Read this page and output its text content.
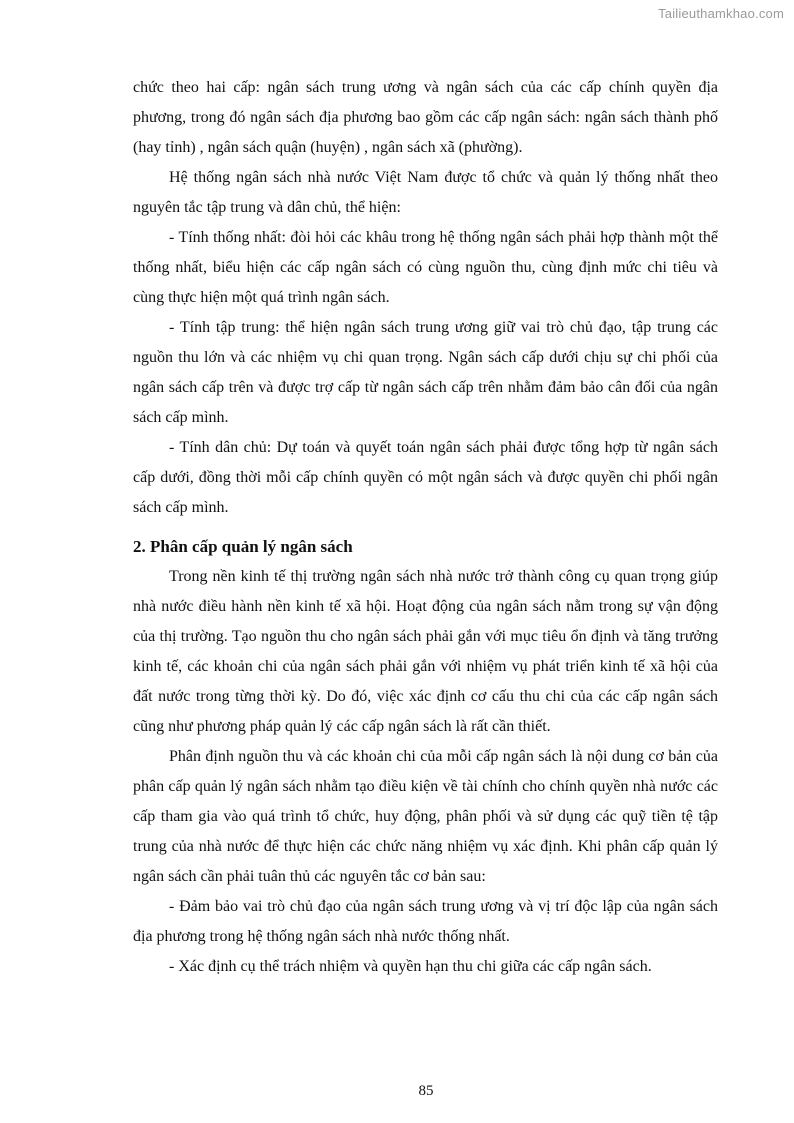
Tailieuthamkhao.com

chức theo hai cấp: ngân sách trung ương và ngân sách của các cấp chính quyền địa phương, trong đó ngân sách địa phương bao gồm các cấp ngân sách: ngân sách thành phố (hay tỉnh) , ngân sách quận (huyện) , ngân sách xã (phường).

Hệ thống ngân sách nhà nước Việt Nam được tổ chức và quản lý thống nhất theo nguyên tắc tập trung và dân chủ, thể hiện:

- Tính thống nhất: đòi hỏi các khâu trong hệ thống ngân sách phải hợp thành một thể thống nhất, biểu hiện các cấp ngân sách có cùng nguồn thu, cùng định mức chi tiêu và cùng thực hiện một quá trình ngân sách.

- Tính tập trung: thể hiện ngân sách trung ương giữ vai trò chủ đạo, tập trung các nguồn thu lớn và các nhiệm vụ chi quan trọng. Ngân sách cấp dưới chịu sự chi phối của ngân sách cấp trên và được trợ cấp từ ngân sách cấp trên nhằm đảm bảo cân đối của ngân sách cấp mình.

- Tính dân chủ: Dự toán và quyết toán ngân sách phải được tổng hợp từ ngân sách cấp dưới, đồng thời mỗi cấp chính quyền có một ngân sách và được quyền chi phối ngân sách cấp mình.

2. Phân cấp quản lý ngân sách

Trong nền kinh tế thị trường ngân sách nhà nước trở thành công cụ quan trọng giúp nhà nước điều hành nền kinh tế xã hội. Hoạt động của ngân sách nằm trong sự vận động của thị trường. Tạo nguồn thu cho ngân sách phải gắn với mục tiêu ổn định và tăng trưởng kinh tế, các khoản chi của ngân sách phải gắn với nhiệm vụ phát triển kinh tế xã hội của đất nước trong từng thời kỳ. Do đó, việc xác định cơ cấu thu chi của các cấp ngân sách cũng như phương pháp quản lý các cấp ngân sách là rất cần thiết.

Phân định nguồn thu và các khoản chi của mỗi cấp ngân sách là nội dung cơ bản của phân cấp quản lý ngân sách nhằm tạo điều kiện về tài chính cho chính quyền nhà nước các cấp tham gia vào quá trình tổ chức, huy động, phân phối và sử dụng các quỹ tiền tệ tập trung của nhà nước để thực hiện các chức năng nhiệm vụ xác định. Khi phân cấp quản lý ngân sách cần phải tuân thủ các nguyên tắc cơ bản sau:

- Đảm bảo vai trò chủ đạo của ngân sách trung ương và vị trí độc lập của ngân sách địa phương trong hệ thống ngân sách nhà nước thống nhất.

- Xác định cụ thể trách nhiệm và quyền hạn thu chi giữa các cấp ngân sách.

85
